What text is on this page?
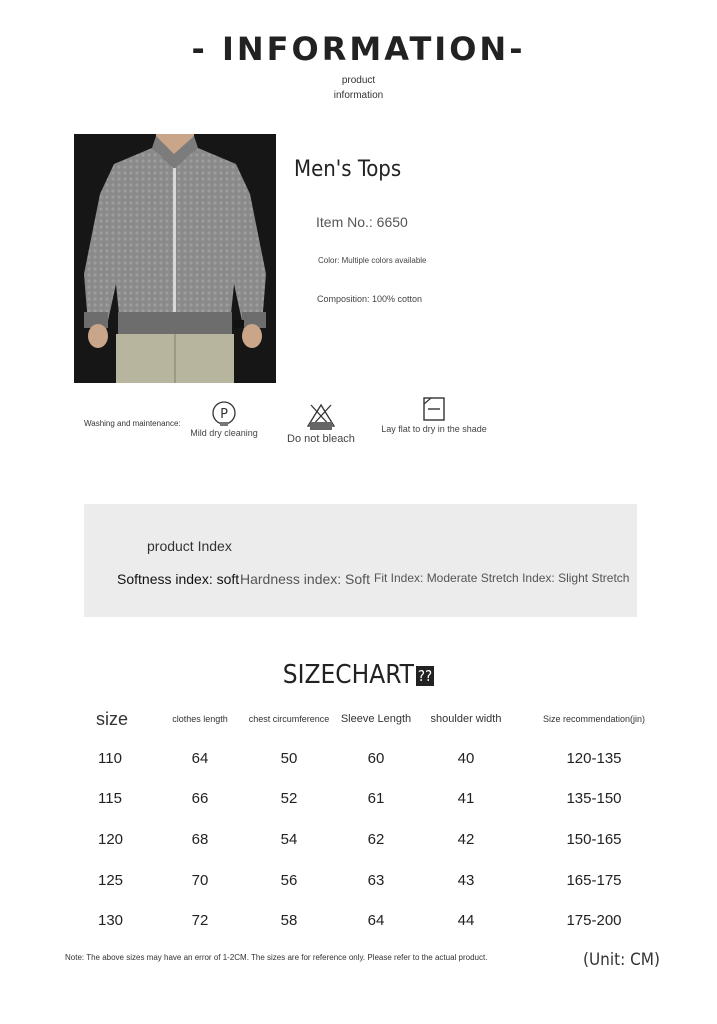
- INFORMATION-
product
information
Men's Tops
Item No.: 6650
Color: Multiple colors available
Composition: 100% cotton
Washing and maintenance:
P
Mild dry cleaning	Do not bleach
Lay flat to dry in the shade
product Index
Softness index: soft Hardness index: Soft Fit Index: Moderate Stretch Index: Slight Stretch
SIZECHART ??
size	clothes length	chest circumference	Sleeve Length	shoulder width	Size recommendation(jin)
110	64	50	60	40	120-135
115	66	52	61	41	135-150
120	68	54	62	42	150-165
125	70	56	63	43	165-175
130	72	58	64	44	175-200
Note: The above sizes may have an error of 1-2CM. The sizes are for reference only. Please refer to the actual product.	(Unit: CM)
